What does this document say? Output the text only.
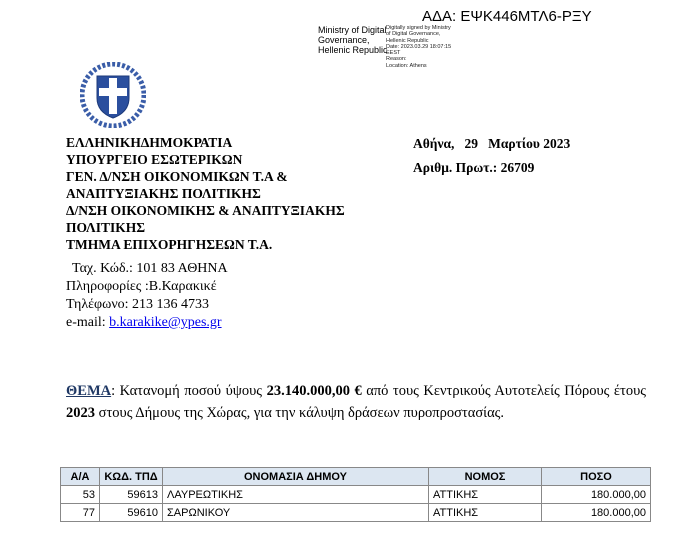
ΑΔΑ: ΕΨΚ446ΜΤΛ6-ΡΞΥ
Ministry of Digital
Governance,
Hellenic Republic
Digitally signed by Ministry
of Digital Governance,
Hellenic Republic
Date: 2023.03.29 18:07:15
EEST
Reason:
Location: Athens
ΕΛΛΗΝΙΚΗΔΗΜΟΚΡΑΤΙΑ
ΥΠΟΥΡΓΕΙΟ ΕΣΩΤΕΡΙΚΩΝ
ΓΕΝ. Δ/ΝΣΗ ΟΙΚΟΝΟΜΙΚΩΝ Τ.Α &
ΑΝΑΠΤΥΞΙΑΚΗΣ ΠΟΛΙΤΙΚΗΣ
Δ/ΝΣΗ ΟΙΚΟΝΟΜΙΚΗΣ & ΑΝΑΠΤΥΞΙΑΚΗΣ
ΠΟΛΙΤΙΚΗΣ
ΤΜΗΜΑ ΕΠΙΧΟΡΗΓΗΣΕΩΝ Τ.Α.
Ταχ. Κώδ.: 101 83 ΑΘΗΝΑ
Πληροφορίες :Β.Καρακικέ
Τηλέφωνο: 213 136 4733
e-mail: b.karakike@ypes.gr
Αθήνα,   29   Μαρτίου 2023
Αριθμ. Πρωτ.: 26709
ΘΕΜΑ: Κατανομή ποσού ύψους 23.140.000,00 € από τους Κεντρικούς Αυτοτελείς Πόρους έτους 2023 στους Δήμους της Χώρας, για την κάλυψη δράσεων πυροπροστασίας.
Α/Α	ΚΩΔ. ΤΠΔ	ΟΝΟΜΑΣΙΑ ΔΗΜΟΥ	ΝΟΜΟΣ	ΠΟΣΟ
53	59613	ΛΑΥΡΕΩΤΙΚΗΣ	ΑΤΤΙΚΗΣ	180.000,00
77	59610	ΣΑΡΩΝΙΚΟΥ	ΑΤΤΙΚΗΣ	180.000,00
